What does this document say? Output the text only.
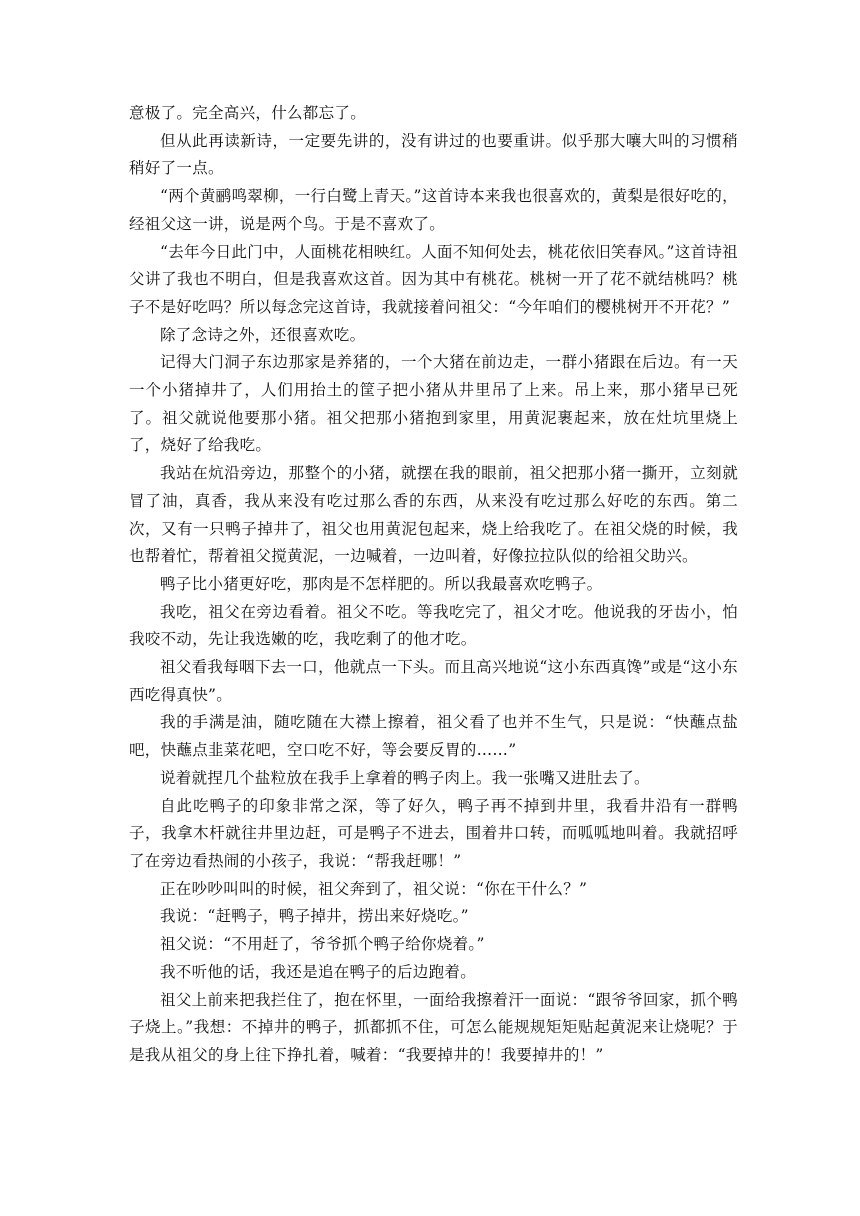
意极了。完全高兴，什么都忘了。

但从此再读新诗，一定要先讲的，没有讲过的也要重讲。似乎那大嚷大叫的习惯稍稍好了一点。

“两个黄鹂鸣翠柳，一行白鹭上青天。”这首诗本来我也很喜欢的，黄梨是很好吃的，经祖父这一讲，说是两个鸟。于是不喜欢了。

“去年今日此门中，人面桃花相映红。人面不知何处去，桃花依旧笑春风。”这首诗祖父讲了我也不明白，但是我喜欢这首。因为其中有桃花。桃树一开了花不就结桃吗？桃子不是好吃吗？所以每念完这首诗，我就接着问祖父：“今年咱们的樱桃树开不开花？”

除了念诗之外，还很喜欢吃。

记得大门洞子东边那家是养猪的，一个大猪在前边走，一群小猪跟在后边。有一天一个小猪掉井了，人们用抬土的筐子把小猪从井里吊了上来。吊上来，那小猪早已死了。祖父就说他要那小猪。祖父把那小猪抱到家里，用黄泥裹起来，放在灶坑里烧上了，烧好了给我吃。

我站在炕沿旁边，那整个的小猪，就摆在我的眼前，祖父把那小猪一撕开，立刻就冒了油，真香，我从来没有吃过那么香的东西，从来没有吃过那么好吃的东西。第二次，又有一只鸭子掉井了，祖父也用黄泥包起来，烧上给我吃了。在祖父烧的时候，我也帮着忙，帮着祖父搅黄泥，一边喊着，一边叫着，好像拉拉队似的给祖父助兴。

鸭子比小猪更好吃，那肉是不怎样肥的。所以我最喜欢吃鸭子。

我吃，祖父在旁边看着。祖父不吃。等我吃完了，祖父才吃。他说我的牙齿小，怕我咬不动，先让我选嫩的吃，我吃剩了的他才吃。

祖父看我每咽下去一口，他就点一下头。而且高兴地说“这小东西真馋”或是“这小东西吃得真快”。

我的手满是油，随吃随在大襟上擦着，祖父看了也并不生气，只是说：“快蘸点盐吧，快蘸点韭菜花吧，空口吃不好，等会要反胃的……”

说着就捏几个盐粒放在我手上拿着的鸭子肉上。我一张嘴又进肚去了。

自此吃鸭子的印象非常之深，等了好久，鸭子再不掉到井里，我看井沿有一群鸭子，我拿木杆就往井里边赶，可是鸭子不进去，围着井口转，而呱呱地叫着。我就招呼了在旁边看热闹的小孩子，我说：“帮我赶哪！”

正在吵吵叫叫的时候，祖父奔到了，祖父说：“你在干什么？”

我说：“赶鸭子，鸭子掉井，捞出来好烧吃。”

祖父说：“不用赶了，爷爷抓个鸭子给你烧着。”

我不听他的话，我还是追在鸭子的后边跑着。

祖父上前来把我拦住了，抱在怀里，一面给我擦着汗一面说：“跟爷爷回家，抓个鸭子烧上。”我想：不掉井的鸭子，抓都抓不住，可怎么能规规矩矩贴起黄泥来让烧呢？于是我从祖父的身上往下挣扎着，喊着：“我要掉井的！我要掉井的！”
